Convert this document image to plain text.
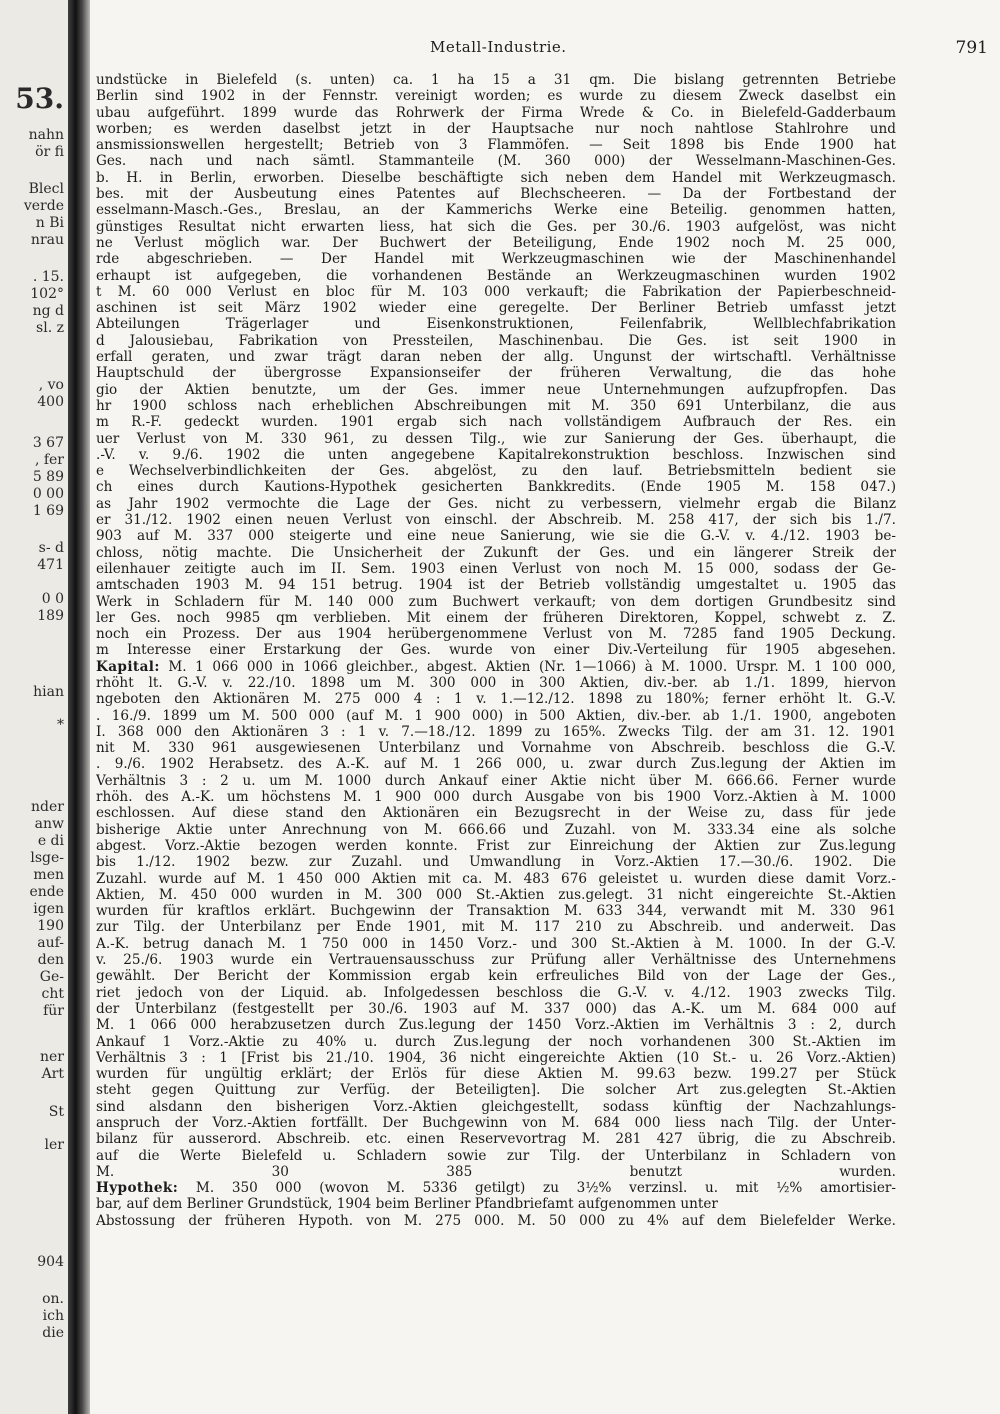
53.
nahn
ör fi
Blecl
verde
n Bi
nrau
. 15.
102°
ng d
sl. z
, vo
400
3 67
, fer
5 89
0 00
1 69
s- d
471
0 0
189
hian
*
nder
anw
e di
lsge-
men
ende
igen
190
auf-
den
Ge-
cht
für
ner
Art
St
ler
904
on.
ich
die
Metall-Industrie.	791
undstücke in Bielefeld (s. unten) ca. 1 ha 15 a 31 qm. Die bislang getrennten Betriebe
Berlin sind 1902 in der Fennstr. vereinigt worden; es wurde zu diesem Zweck daselbst ein
ubau aufgeführt. 1899 wurde das Rohrwerk der Firma Wrede & Co. in Bielefeld-Gadderbaum
worben; es werden daselbst jetzt in der Hauptsache nur noch nahtlose Stahlrohre und
ansmissionswellen hergestellt; Betrieb von 3 Flammöfen. — Seit 1898 bis Ende 1900 hat
Ges. nach und nach sämtl. Stammanteile (M. 360 000) der Wesselmann-Maschinen-Ges.
b. H. in Berlin, erworben. Dieselbe beschäftigte sich neben dem Handel mit Werkzeugmasch.
bes. mit der Ausbeutung eines Patentes auf Blechscheeren. — Da der Fortbestand der
esselmann-Masch.-Ges., Breslau, an der Kammerichs Werke eine Beteilig. genommen hatten,
günstiges Resultat nicht erwarten liess, hat sich die Ges. per 30./6. 1903 aufgelöst, was nicht
ne Verlust möglich war. Der Buchwert der Beteiligung, Ende 1902 noch M. 25 000,
rde abgeschrieben. — Der Handel mit Werkzeugmaschinen wie der Maschinenhandel
erhaupt ist aufgegeben, die vorhandenen Bestände an Werkzeugmaschinen wurden 1902
t M. 60 000 Verlust en bloc für M. 103 000 verkauft; die Fabrikation der Papierbeschneid-
aschinen ist seit März 1902 wieder eine geregelte. Der Berliner Betrieb umfasst jetzt
Abteilungen Trägerlager und Eisenkonstruktionen, Feilenfabrik, Wellblechfabrikation
d Jalousiebau, Fabrikation von Pressteilen, Maschinenbau. Die Ges. ist seit 1900 in
erfall geraten, und zwar trägt daran neben der allg. Ungunst der wirtschaftl. Verhältnisse
Hauptschuld der übergrosse Expansionseifer der früheren Verwaltung, die das hohe
gio der Aktien benutzte, um der Ges. immer neue Unternehmungen aufzupfropfen. Das
hr 1900 schloss nach erheblichen Abschreibungen mit M. 350 691 Unterbilanz, die aus
m R.-F. gedeckt wurden. 1901 ergab sich nach vollständigem Aufbrauch der Res. ein
uer Verlust von M. 330 961, zu dessen Tilg., wie zur Sanierung der Ges. überhaupt, die
.-V. v. 9./6. 1902 die unten angegebene Kapitalrekonstruktion beschloss. Inzwischen sind
e Wechselverbindlichkeiten der Ges. abgelöst, zu den lauf. Betriebsmitteln bedient sie
ch eines durch Kautions-Hypothek gesicherten Bankkredits. (Ende 1905 M. 158 047.)
as Jahr 1902 vermochte die Lage der Ges. nicht zu verbessern, vielmehr ergab die Bilanz
er 31./12. 1902 einen neuen Verlust von einschl. der Abschreib. M. 258 417, der sich bis 1./7.
903 auf M. 337 000 steigerte und eine neue Sanierung, wie sie die G.-V. v. 4./12. 1903 be-
chloss, nötig machte. Die Unsicherheit der Zukunft der Ges. und ein längerer Streik der
eilenhauer zeitigte auch im II. Sem. 1903 einen Verlust von noch M. 15 000, sodass der Ge-
amtschaden 1903 M. 94 151 betrug. 1904 ist der Betrieb vollständig umgestaltet u. 1905 das
Werk in Schladern für M. 140 000 zum Buchwert verkauft; von dem dortigen Grundbesitz sind
ler Ges. noch 9985 qm verblieben. Mit einem der früheren Direktoren, Koppel, schwebt z. Z.
noch ein Prozess. Der aus 1904 herübergenommene Verlust von M. 7285 fand 1905 Deckung.
m Interesse einer Erstarkung der Ges. wurde von einer Div.-Verteilung für 1905 abgesehen.
Kapital: M. 1 066 000 in 1066 gleichber., abgest. Aktien (Nr. 1—1066) à M. 1000. Urspr. M. 1 100 000,
rhöht lt. G.-V. v. 22./10. 1898 um M. 300 000 in 300 Aktien, div.-ber. ab 1./1. 1899, hiervon
ngeboten den Aktionären M. 275 000 4 : 1 v. 1.—12./12. 1898 zu 180%; ferner erhöht lt. G.-V.
. 16./9. 1899 um M. 500 000 (auf M. 1 900 000) in 500 Aktien, div.-ber. ab 1./1. 1900, angeboten
I. 368 000 den Aktionären 3 : 1 v. 7.—18./12. 1899 zu 165%. Zwecks Tilg. der am 31. 12. 1901
nit M. 330 961 ausgewiesenen Unterbilanz und Vornahme von Abschreib. beschloss die G.-V.
. 9./6. 1902 Herabsetz. des A.-K. auf M. 1 266 000, u. zwar durch Zus.legung der Aktien im
Verhältnis 3 : 2 u. um M. 1000 durch Ankauf einer Aktie nicht über M. 666.66. Ferner wurde
rhöh. des A.-K. um höchstens M. 1 900 000 durch Ausgabe von bis 1900 Vorz.-Aktien à M. 1000
eschlossen. Auf diese stand den Aktionären ein Bezugsrecht in der Weise zu, dass für jede
bisherige Aktie unter Anrechnung von M. 666.66 und Zuzahl. von M. 333.34 eine als solche
abgest. Vorz.-Aktie bezogen werden konnte. Frist zur Einreichung der Aktien zur Zus.legung
bis 1./12. 1902 bezw. zur Zuzahl. und Umwandlung in Vorz.-Aktien 17.—30./6. 1902. Die
Zuzahl. wurde auf M. 1 450 000 Aktien mit ca. M. 483 676 geleistet u. wurden diese damit Vorz.-
Aktien, M. 450 000 wurden in M. 300 000 St.-Aktien zus.gelegt. 31 nicht eingereichte St.-Aktien
wurden für kraftlos erklärt. Buchgewinn der Transaktion M. 633 344, verwandt mit M. 330 961
zur Tilg. der Unterbilanz per Ende 1901, mit M. 117 210 zu Abschreib. und anderweit. Das
A.-K. betrug danach M. 1 750 000 in 1450 Vorz.- und 300 St.-Aktien à M. 1000. In der G.-V.
v. 25./6. 1903 wurde ein Vertrauensausschuss zur Prüfung aller Verhältnisse des Unternehmens
gewählt. Der Bericht der Kommission ergab kein erfreuliches Bild von der Lage der Ges.,
riet jedoch von der Liquid. ab. Infolgedessen beschloss die G.-V. v. 4./12. 1903 zwecks Tilg.
der Unterbilanz (festgestellt per 30./6. 1903 auf M. 337 000) das A.-K. um M. 684 000 auf
M. 1 066 000 herabzusetzen durch Zus.legung der 1450 Vorz.-Aktien im Verhältnis 3 : 2, durch
Ankauf 1 Vorz.-Aktie zu 40% u. durch Zus.legung der noch vorhandenen 300 St.-Aktien im
Verhältnis 3 : 1 [Frist bis 21./10. 1904, 36 nicht eingereichte Aktien (10 St.- u. 26 Vorz.-Aktien)
wurden für ungültig erklärt; der Erlös für diese Aktien M. 99.63 bezw. 199.27 per Stück
steht gegen Quittung zur Verfüg. der Beteiligten]. Die solcher Art zus.gelegten St.-Aktien
sind alsdann den bisherigen Vorz.-Aktien gleichgestellt, sodass künftig der Nachzahlungs-
anspruch der Vorz.-Aktien fortfällt. Der Buchgewinn von M. 684 000 liess nach Tilg. der Unter-
bilanz für ausserord. Abschreib. etc. einen Reservevortrag M. 281 427 übrig, die zu Abschreib.
auf die Werte Bielefeld u. Schladern sowie zur Tilg. der Unterbilanz in Schladern von
M. 30 385 benutzt wurden.
Hypothek: M. 350 000 (wovon M. 5336 getilgt) zu 3½% verzinsl. u. mit ½% amortisier-
bar, auf dem Berliner Grundstück, 1904 beim Berliner Pfandbriefamt aufgenommen unter
Abstossung der früheren Hypoth. von M. 275 000. M. 50 000 zu 4% auf dem Bielefelder Werke.
